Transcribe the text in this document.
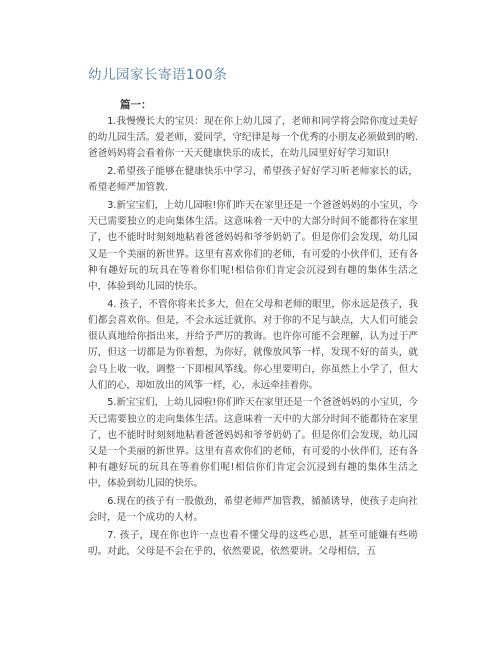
幼儿园家长寄语100条
篇一：

1.我慢慢长大的宝贝：现在你上幼儿园了，老师和同学将会陪你度过美好的幼儿园生活。爱老师，爱同学，守纪律是每一个优秀的小朋友必须做到的哟.爸爸妈妈将会看着你一天天健康快乐的成长，在幼儿园里好好学习知识!

2.希望孩子能够在健康快乐中学习，希望孩子好好学习听老师家长的话，希望老师严加管教.

3.新宝宝们，上幼儿园啦!你们昨天在家里还是一个爸爸妈妈的小宝贝，今天已需要独立的走向集体生活。这意味着一天中的大部分时间不能都待在家里了，也不能时时刻刻地粘着爸爸妈妈和爷爷奶奶了。但是你们会发现，幼儿园又是一个美丽的新世界。这里有喜欢你们的老师，有可爱的小伙伴们，还有各种有趣好玩的玩具在等着你们呢!相信你们肯定会沉浸到有趣的集体生活之中，体验到幼儿园的快乐。

4. 孩子，不管你将来长多大，但在父母和老师的眼里，你永远是孩子，我们都会喜欢你。但是，不会永远迁就你。对于你的不足与缺点，大人们可能会很认真地给你指出来，并给予严厉的教诲。也许你可能不会理解，认为过于严厉，但这一切都是为你着想，为你好，就像放风筝一样，发现不好的苗头，就会马上收一收，调整一下即根风筝线。你心里要明白，你虽然上小学了，但大人们的心，却如放出的风筝一样，心，永远牵挂着你。

5.新宝宝们，上幼儿园啦!你们昨天在家里还是一个爸爸妈妈的小宝贝，今天已需要独立的走向集体生活。这意味着一天中的大部分时间不能都待在家里了，也不能时时刻刻地粘着爸爸妈妈和爷爷奶奶了。但是你们会发现，幼儿园又是一个美丽的新世界。这里有喜欢你们的老师，有可爱的小伙伴们，还有各种有趣好玩的玩具在等着你们呢!相信你们肯定会沉浸到有趣的集体生活之中，体验到幼儿园的快乐。

6.现在的孩子有一股傲劲，希望老师严加管教，循循诱导，使孩子走向社会时，是一个成功的人材。

7. 孩子，现在你也许一点也看不懂父母的这些心思，甚至可能嫌有些唠叨。对此，父母是不会在乎的，依然要说，依然要讲。父母相信，五
